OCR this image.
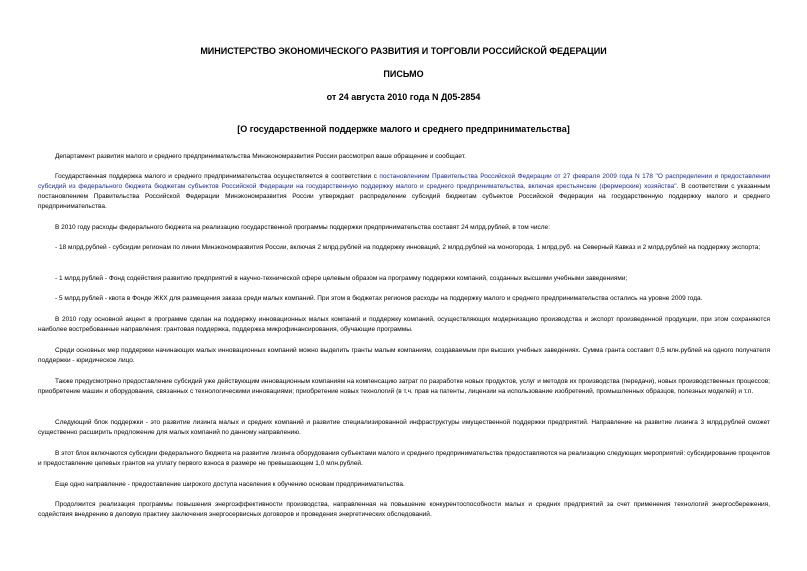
МИНИСТЕРСТВО ЭКОНОМИЧЕСКОГО РАЗВИТИЯ И ТОРГОВЛИ РОССИЙСКОЙ ФЕДЕРАЦИИ
ПИСЬМО
от 24 августа 2010 года N Д05-2854
[О государственной поддержке малого и среднего предпринимательства]

Департамент развития малого и среднего предпринимательства Минэкономразвития России рассмотрел ваше обращение и сообщает.

Государственная поддержка малого и среднего предпринимательства осуществляется в соответствии с постановлением Правительства Российской Федерации от 27 февраля 2009 года N 178 "О распределении и предоставлении субсидий из федерального бюджета бюджетам субъектов Российской Федерации на государственную поддержку малого и среднего предпринимательства, включая крестьянские (фермерские) хозяйства". В соответствии с указанным постановлением Правительства Российской Федерации Минэкономразвития России утверждает распределение субсидий бюджетам субъектов Российской Федерации на государственную поддержку малого и среднего предпринимательства.

В 2010 году расходы федерального бюджета на реализацию государственной программы поддержки предпринимательства составят 24 млрд.рублей, в том числе:

- 18 млрд.рублей - субсидии регионам по линии Минэкономразвития России, включая 2 млрд.рублей на поддержку инноваций, 2 млрд.рублей на моногорода, 1 млрд.руб. на Северный Кавказ и 2 млрд.рублей на поддержку экспорта;

- 1 млрд.рублей - Фонд содействия развитию предприятий в научно-технической сфере целевым образом на программу поддержки компаний, созданных высшими учебными заведениями;

- 5 млрд.рублей - квота в Фонде ЖКХ для размещения заказа среди малых компаний. При этом в бюджетах регионов расходы на поддержку малого и среднего предпринимательства остались на уровне 2009 года.

В 2010 году основной акцент в программе сделан на поддержку инновационных малых компаний и поддержку компаний, осуществляющих модернизацию производства и экспорт произведенной продукции, при этом сохраняются наиболее востребованные направления: грантовая поддержка, поддержка микрофинансирования, обучающие программы.

Среди основных мер поддержки начинающих малых инновационных компаний можно выделить гранты малым компаниям, создаваемым при высших учебных заведениях. Сумма гранта составит 0,5 млн.рублей на одного получателя поддержки - юридическое лицо.

Также предусмотрено предоставление субсидий уже действующим инновационным компаниям на компенсацию затрат по разработке новых продуктов, услуг и методов их производства (передачи), новых производственных процессов; приобретение машин и оборудования, связанных с технологическими инновациями; приобретение новых технологий (в т.ч. прав на патенты, лицензии на использование изобретений, промышленных образцов, полезных моделей) и т.п.

Следующий блок поддержки - это развитие лизинга малых и средних компаний и развитие специализированной инфраструктуры имущественной поддержки предприятий. Направление на развитие лизинга 3 млрд.рублей сможет существенно расширить предложение для малых компаний по данному направлению.

В этот блок включаются субсидии федерального бюджета на развитие лизинга оборудования субъектами малого и среднего предпринимательства предоставляются на реализацию следующих мероприятий: субсидирование процентов и предоставление целевых грантов на уплату первого взноса в размере не превышающем 1,0 млн.рублей.

Еще одно направление - предоставление широкого доступа населения к обучению основам предпринимательства.

Продолжится реализация программы повышения энергоэффективности производства, направленная на повышение конкурентоспособности малых и средних предприятий за счет применения технологий энергосбережения, содействия внедрению в деловую практику заключения энергосервисных договоров и проведения энергетических обследований.
